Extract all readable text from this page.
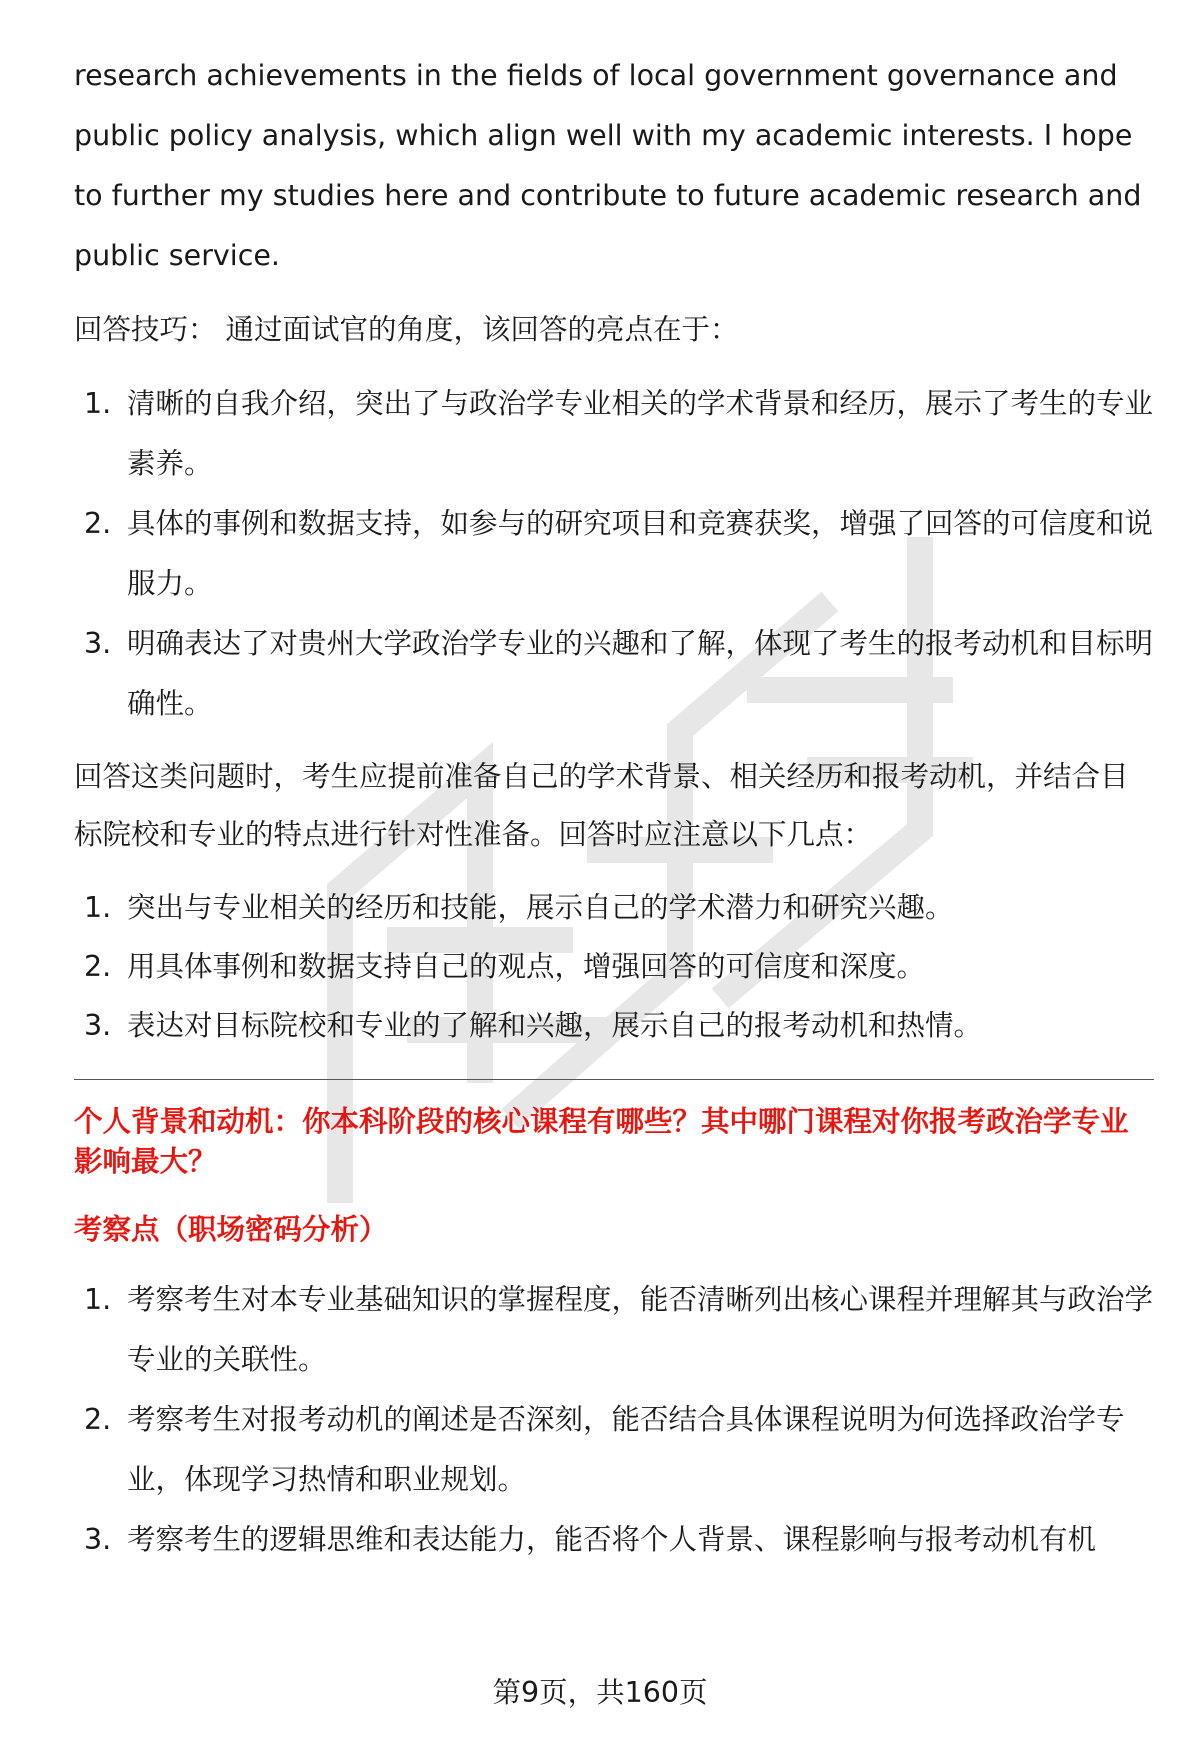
research achievements in the fields of local government governance and public policy analysis, which align well with my academic interests. I hope to further my studies here and contribute to future academic research and public service.

回答技巧： 通过面试官的角度，该回答的亮点在于：

1. 清晰的自我介绍，突出了与政治学专业相关的学术背景和经历，展示了考生的专业素养。
2. 具体的事例和数据支持，如参与的研究项目和竞赛获奖，增强了回答的可信度和说服力。
3. 明确表达了对贵州大学政治学专业的兴趣和了解，体现了考生的报考动机和目标明确性。

回答这类问题时，考生应提前准备自己的学术背景、相关经历和报考动机，并结合目标院校和专业的特点进行针对性准备。回答时应注意以下几点：

1. 突出与专业相关的经历和技能，展示自己的学术潜力和研究兴趣。
2. 用具体事例和数据支持自己的观点，增强回答的可信度和深度。
3. 表达对目标院校和专业的了解和兴趣，展示自己的报考动机和热情。

个人背景和动机：你本科阶段的核心课程有哪些？其中哪门课程对你报考政治学专业影响最大？

考察点（职场密码分析）

1. 考察考生对本专业基础知识的掌握程度，能否清晰列出核心课程并理解其与政治学专业的关联性。
2. 考察考生对报考动机的阐述是否深刻，能否结合具体课程说明为何选择政治学专业，体现学习热情和职业规划。
3. 考察考生的逻辑思维和表达能力，能否将个人背景、课程影响与报考动机有机
第9页，共160页
